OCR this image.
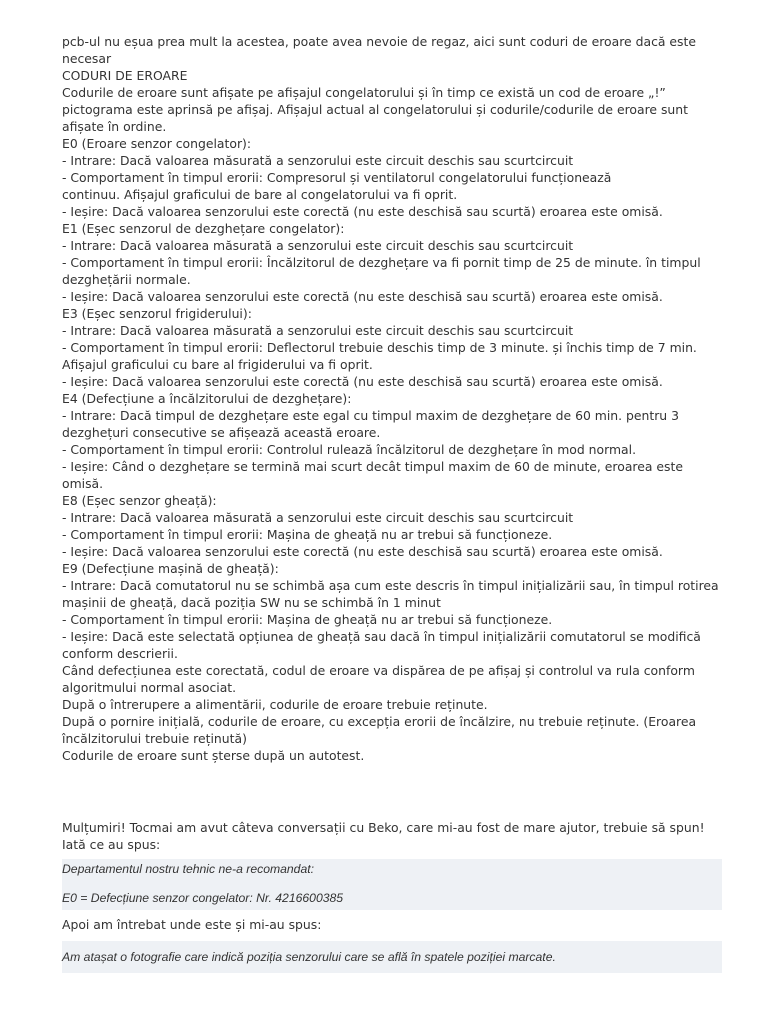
pcb-ul nu eșua prea mult la acestea, poate avea nevoie de regaz, aici sunt coduri de eroare dacă este necesar

CODURI DE EROARE

Codurile de eroare sunt afișate pe afișajul congelatorului și în timp ce există un cod de eroare „!” pictograma este aprinsă pe afișaj. Afișajul actual al congelatorului și codurile/codurile de eroare sunt afișate în ordine.

E0 (Eroare senzor congelator):

- Intrare: Dacă valoarea măsurată a senzorului este circuit deschis sau scurtcircuit

- Comportament în timpul erorii: Compresorul și ventilatorul congelatorului funcționează

continuu. Afișajul graficului de bare al congelatorului va fi oprit.

- Ieșire: Dacă valoarea senzorului este corectă (nu este deschisă sau scurtă) eroarea este omisă.

E1 (Eșec senzorul de dezghețare congelator):

- Intrare: Dacă valoarea măsurată a senzorului este circuit deschis sau scurtcircuit

- Comportament în timpul erorii: Încălzitorul de dezghețare va fi pornit timp de 25 de minute. în timpul dezghețării normale.

- Ieșire: Dacă valoarea senzorului este corectă (nu este deschisă sau scurtă) eroarea este omisă.

E3 (Eșec senzorul frigiderului):

- Intrare: Dacă valoarea măsurată a senzorului este circuit deschis sau scurtcircuit

- Comportament în timpul erorii: Deflectorul trebuie deschis timp de 3 minute. și închis timp de 7 min. Afișajul graficului cu bare al frigiderului va fi oprit.

- Ieșire: Dacă valoarea senzorului este corectă (nu este deschisă sau scurtă) eroarea este omisă.

E4 (Defecțiune a încălzitorului de dezghețare):

- Intrare: Dacă timpul de dezghețare este egal cu timpul maxim de dezghețare de 60 min. pentru 3 dezghețuri consecutive se afișează această eroare.

- Comportament în timpul erorii: Controlul rulează încălzitorul de dezghețare în mod normal.

- Ieșire: Când o dezghețare se termină mai scurt decât timpul maxim de 60 de minute, eroarea este omisă.

E8 (Eșec senzor gheață):

- Intrare: Dacă valoarea măsurată a senzorului este circuit deschis sau scurtcircuit

- Comportament în timpul erorii: Mașina de gheață nu ar trebui să funcționeze.

- Ieșire: Dacă valoarea senzorului este corectă (nu este deschisă sau scurtă) eroarea este omisă.

E9 (Defecțiune mașină de gheață):

- Intrare: Dacă comutatorul nu se schimbă așa cum este descris în timpul inițializării sau, în timpul rotirea mașinii de gheață, dacă poziția SW nu se schimbă în 1 minut

- Comportament în timpul erorii: Mașina de gheață nu ar trebui să funcționeze.

- Ieșire: Dacă este selectată opțiunea de gheață sau dacă în timpul inițializării comutatorul se modifică conform descrierii.

Când defecțiunea este corectată, codul de eroare va dispărea de pe afișaj și controlul va rula conform algoritmului normal asociat.

După o întrerupere a alimentării, codurile de eroare trebuie reținute.

După o pornire inițială, codurile de eroare, cu excepția erorii de încălzire, nu trebuie reținute. (Eroarea încălzitorului trebuie reținută)

Codurile de eroare sunt șterse după un autotest.

Mulțumiri! Tocmai am avut câteva conversații cu Beko, care mi-au fost de mare ajutor, trebuie să spun! Iată ce au spus:

Departamentul nostru tehnic ne-a recomandat:

E0 = Defecțiune senzor congelator: Nr. 4216600385

Apoi am întrebat unde este și mi-au spus:

Am atașat o fotografie care indică poziția senzorului care se află în spatele poziției marcate.
